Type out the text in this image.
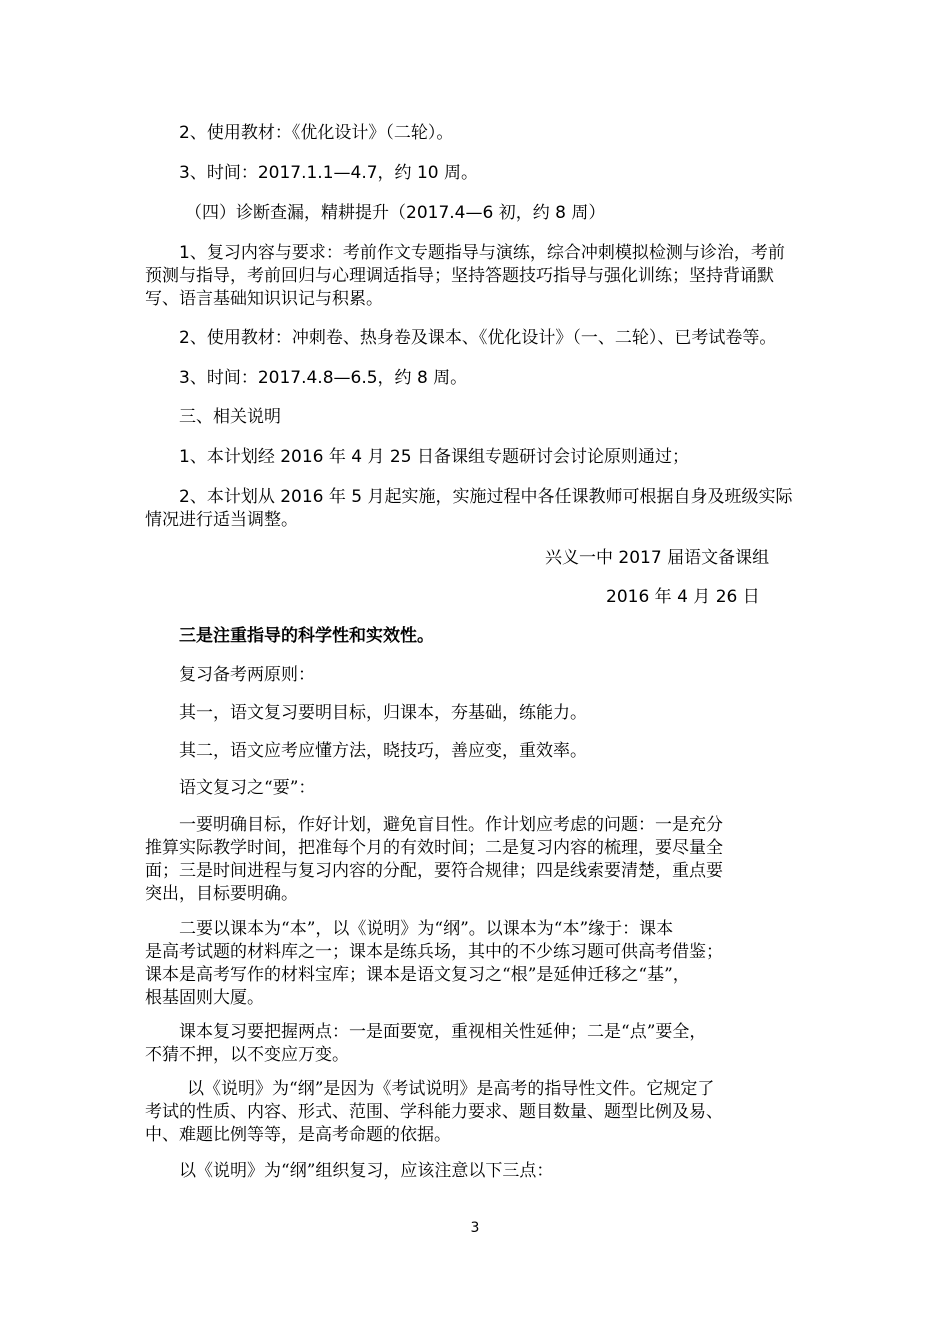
2、使用教材：《优化设计》（二轮）。

3、时间：2017.1.1—4.7，约 10 周。

（四）诊断查漏，精耕提升（2017.4—6 初，约 8 周）

1、复习内容与要求：考前作文专题指导与演练，综合冲刺模拟检测与诊治，考前
预测与指导，考前回归与心理调适指导；坚持答题技巧指导与强化训练；坚持背诵默
写、语言基础知识识记与积累。

2、使用教材：冲刺卷、热身卷及课本、《优化设计》（一、二轮）、已考试卷等。

3、时间：2017.4.8—6.5，约 8 周。

三、相关说明

1、本计划经 2016 年 4 月 25 日备课组专题研讨会讨论原则通过；

2、本计划从 2016 年 5 月起实施，实施过程中各任课教师可根据自身及班级实际
情况进行适当调整。

兴义一中 2017 届语文备课组

2016 年 4 月 26 日

三是注重指导的科学性和实效性。

复习备考两原则：

其一，语文复习要明目标，归课本，夯基础，练能力。

其二，语文应考应懂方法，晓技巧，善应变，重效率。

语文复习之“要”：

一要明确目标，作好计划，避免盲目性。作计划应考虑的问题：一是充分
推算实际教学时间，把准每个月的有效时间；二是复习内容的梳理，要尽量全
面；三是时间进程与复习内容的分配，要符合规律；四是线索要清楚，重点要
突出，目标要明确。

二要以课本为“本”，以《说明》为“纲”。以课本为“本”缘于：课本
是高考试题的材料库之一；课本是练兵场，其中的不少练习题可供高考借鉴；
课本是高考写作的材料宝库；课本是语文复习之“根”是延伸迁移之“基”，
根基固则大厦。

课本复习要把握两点：一是面要宽，重视相关性延伸；二是“点”要全，
不猜不押，以不变应万变。

以《说明》为“纲”是因为《考试说明》是高考的指导性文件。它规定了
考试的性质、内容、形式、范围、学科能力要求、题目数量、题型比例及易、
中、难题比例等等，是高考命题的依据。

以《说明》为“纲”组织复习，应该注意以下三点：

3
